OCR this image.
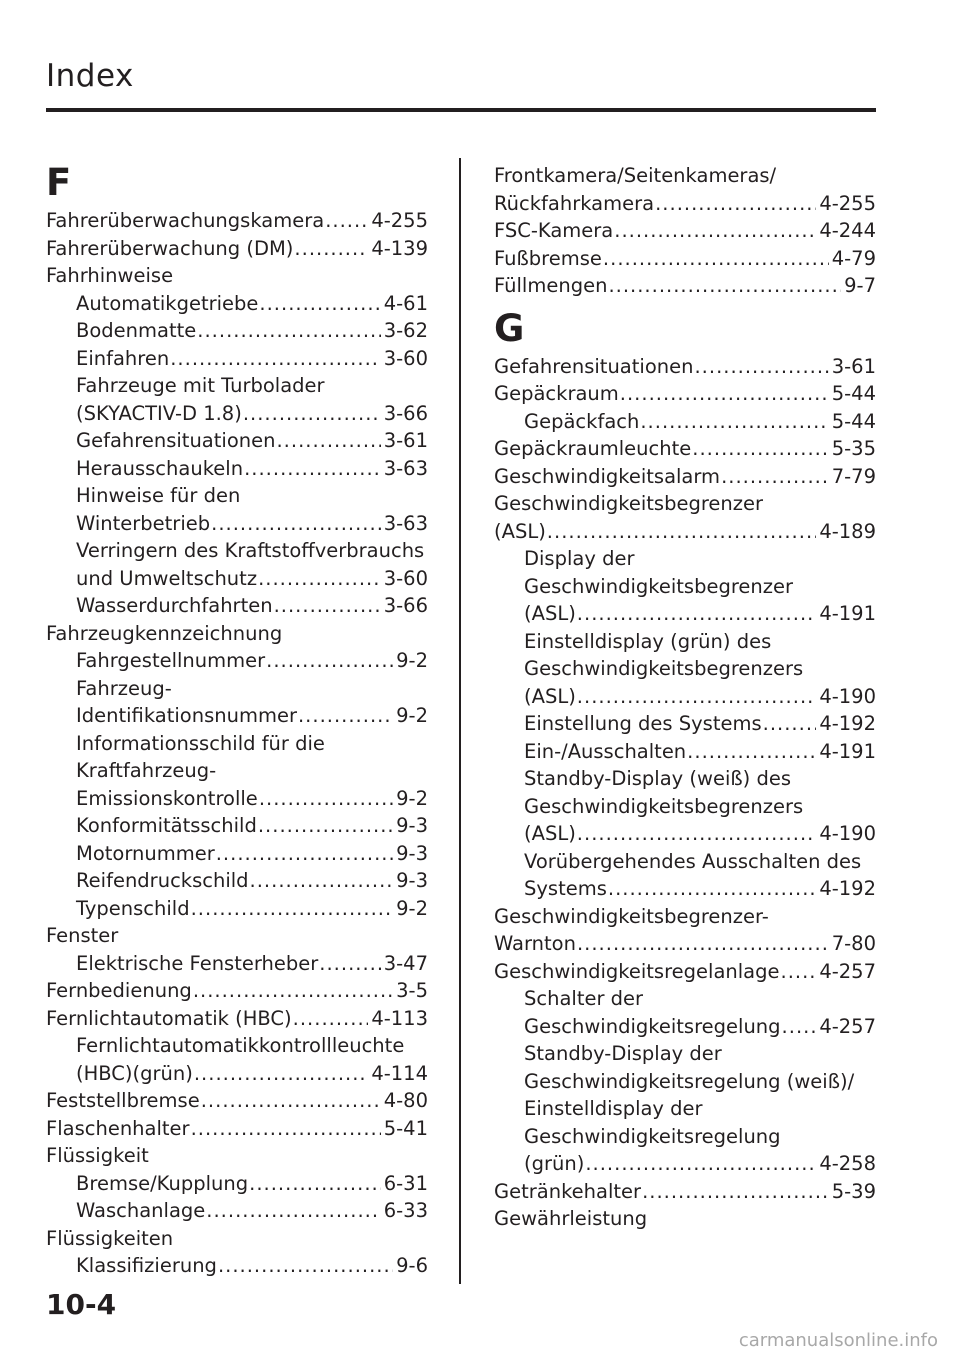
Index
F
Fahrerüberwachungskamera ..... 4-255
Fahrerüberwachung (DM) .....	4-139
Fahrhinweise
Automatikgetriebe .....	4-61
Bodenmatte .....	3-62
Einfahren .....	3-60
Fahrzeuge mit Turbolader
(SKYACTIV-D 1.8) .....	3-66
Gefahrensituationen .....	3-61
Herausschaukeln .....	3-63
Hinweise für den
Winterbetrieb .....	3-63
Verringern des Kraftstoffverbrauchs
und Umweltschutz .....	3-60
Wasserdurchfahrten .....	3-66
Fahrzeugkennzeichnung
Fahrgestellnummer .....	9-2
Fahrzeug-
Identifikationsnummer .....	9-2
Informationsschild für die
Kraftfahrzeug-
Emissionskontrolle .....	9-2
Konformitätsschild .....	9-3
Motornummer .....	9-3
Reifendruckschild .....	9-3
Typenschild .....	9-2
Fenster
Elektrische Fensterheber .....	3-47
Fernbedienung .....	3-5
Fernlichtautomatik (HBC) .....	4-113
Fernlichtautomatikkontrollleuchte
(HBC)(grün) .....	4-114
Feststellbremse .....	4-80
Flaschenhalter .....	5-41
Flüssigkeit
Bremse/Kupplung .....	6-31
Waschanlage .....	6-33
Flüssigkeiten
Klassifizierung .....	9-6
Frontkamera/Seitenkameras/
Rückfahrkamera .....	4-255
FSC-Kamera .....	4-244
Fußbremse .....	4-79
Füllmengen .....	9-7
G
Gefahrensituationen .....	3-61
Gepäckraum .....	5-44
Gepäckfach .....	5-44
Gepäckraumleuchte .....	5-35
Geschwindigkeitsalarm .....	7-79
Geschwindigkeitsbegrenzer
(ASL) .....	4-189
Display der
Geschwindigkeitsbegrenzer
(ASL) .....	4-191
Einstelldisplay (grün) des
Geschwindigkeitsbegrenzers
(ASL) .....	4-190
Einstellung des Systems .....	4-192
Ein-/Ausschalten .....	4-191
Standby-Display (weiß) des
Geschwindigkeitsbegrenzers
(ASL) .....	4-190
Vorübergehendes Ausschalten des
Systems .....	4-192
Geschwindigkeitsbegrenzer-
Warnton .....	7-80
Geschwindigkeitsregelanlage ..... 4-257
Schalter der
Geschwindigkeitsregelung ..... 4-257
Standby-Display der
Geschwindigkeitsregelung (weiß)/
Einstelldisplay der
Geschwindigkeitsregelung
(grün) .....	4-258
Getränkehalter .....	5-39
Gewährleistung
10-4
carmanualsonline.info
